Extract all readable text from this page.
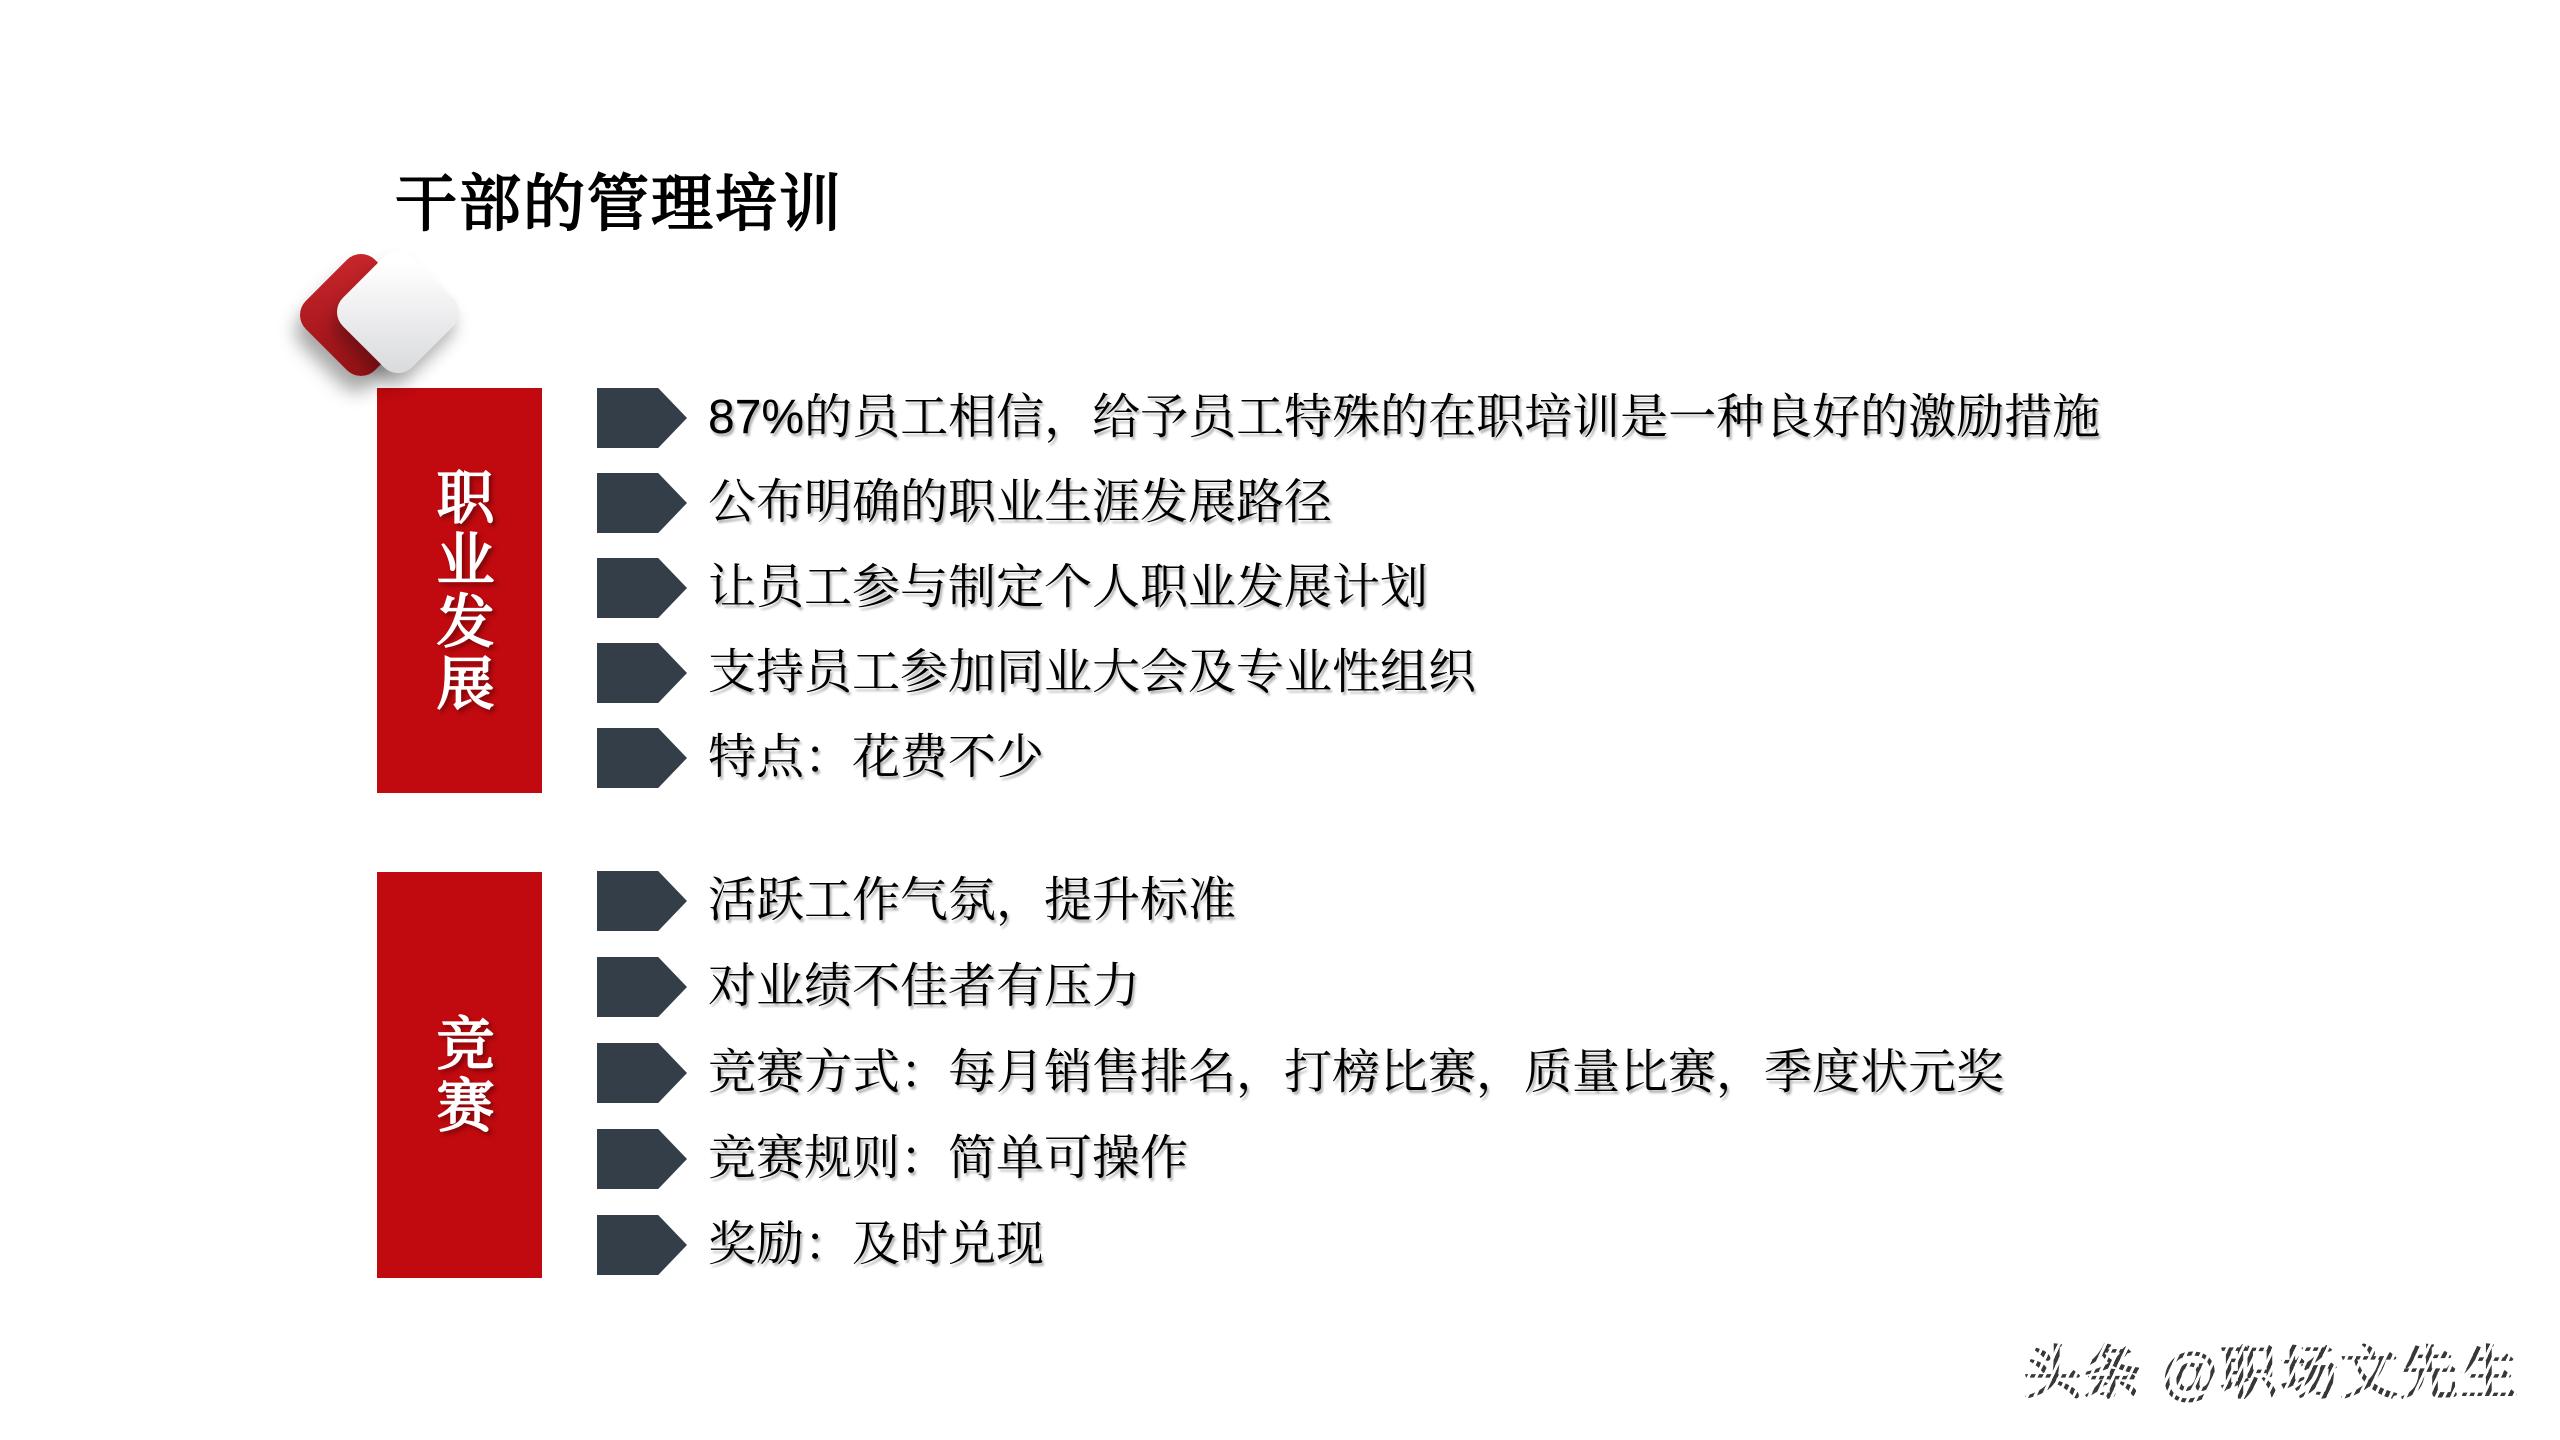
干部的管理培训
职业发展
87%的员工相信，给予员工特殊的在职培训是一种良好的激励措施
公布明确的职业生涯发展路径
让员工参与制定个人职业发展计划
支持员工参加同业大会及专业性组织
特点：花费不少
竞赛
活跃工作气氛，提升标准
对业绩不佳者有压力
竞赛方式：每月销售排名，打榜比赛，质量比赛，季度状元奖
竞赛规则：简单可操作
奖励：及时兑现
头条 @职场文先生
